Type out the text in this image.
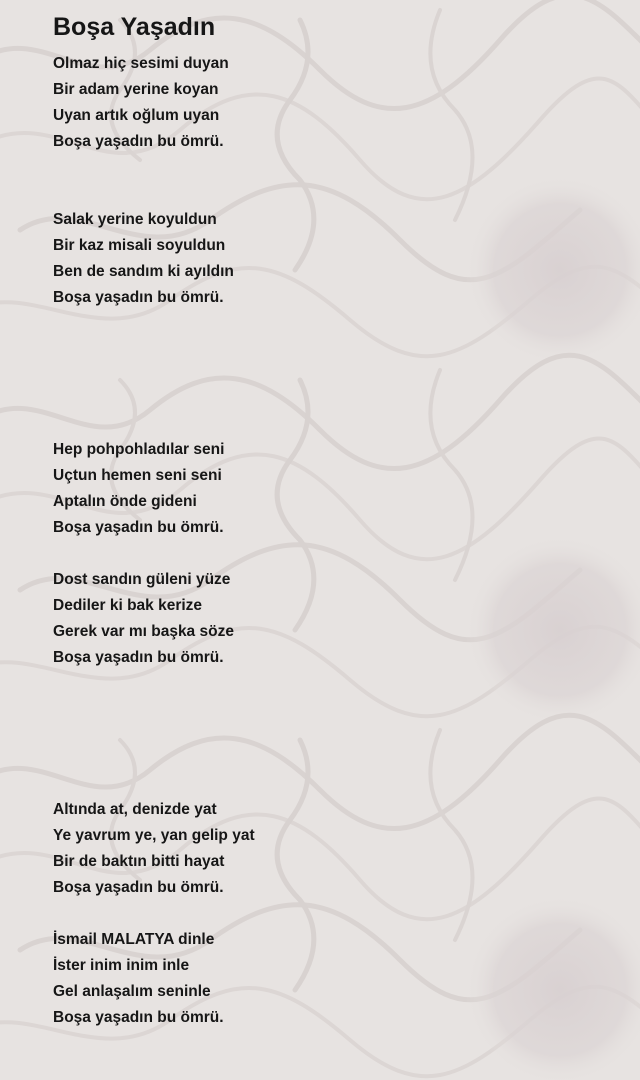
Boşa Yaşadın
Olmaz hiç sesimi duyan
Bir adam yerine koyan
Uyan artık oğlum uyan
Boşa yaşadın bu ömrü.
Salak yerine koyuldun
Bir kaz misali soyuldun
Ben de sandım ki ayıldın
Boşa yaşadın bu ömrü.
Hep pohpohladılar seni
Uçtun hemen seni seni
Aptalın önde gideni
Boşa yaşadın bu ömrü.
Dost sandın güleni yüze
Dediler ki bak kerize
Gerek var mı başka söze
Boşa yaşadın bu ömrü.
Altında at, denizde yat
Ye yavrum ye, yan gelip yat
Bir de baktın bitti hayat
Boşa yaşadın bu ömrü.
İsmail MALATYA dinle
İster inim inim inle
Gel anlaşalım seninle
Boşa yaşadın bu ömrü.
